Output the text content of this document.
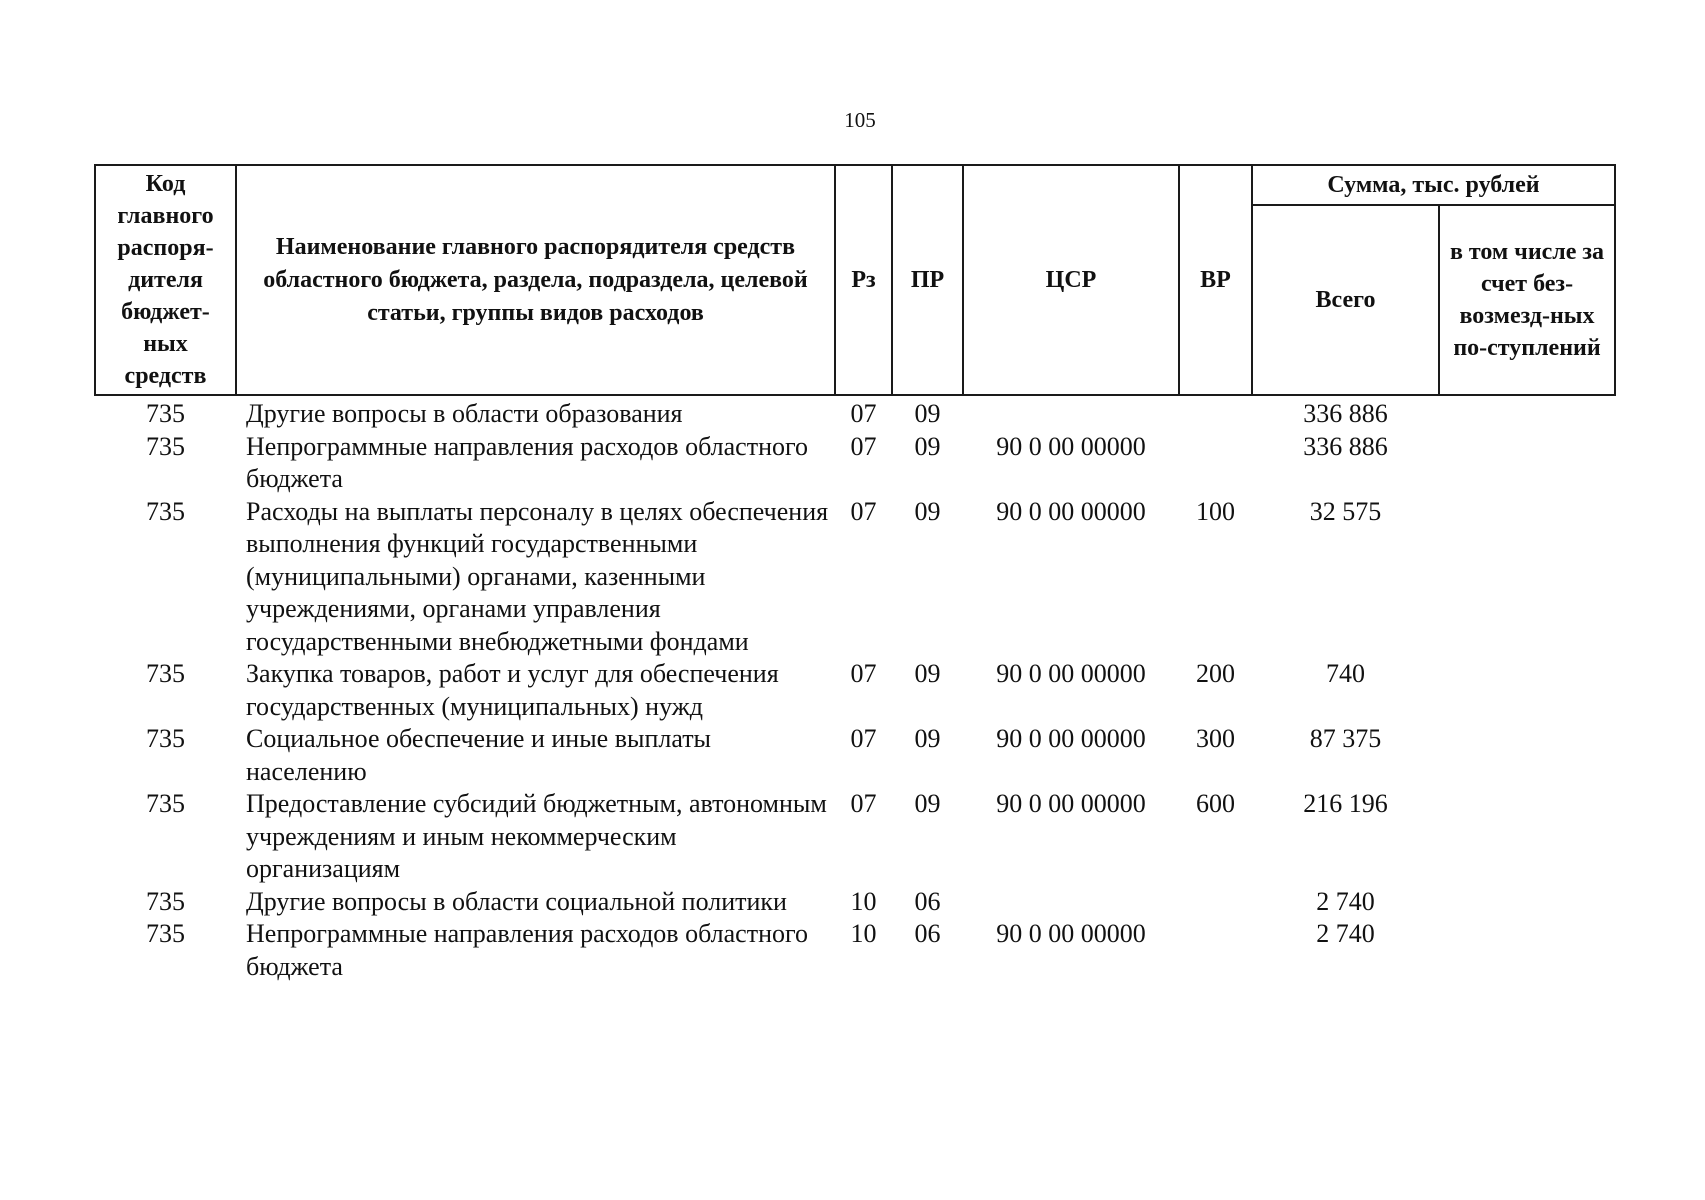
105
Код главного распоря-дителя бюджет-ных средств	Наименование главного распорядителя средств областного бюджета, раздела, подраздела, целевой статьи, группы видов расходов	Рз	ПР	ЦСР	ВР	Сумма, тыс. рублей	
						Всего	в том числе за счет без-возмезд-ных по-ступлений
735	Другие вопросы в области образования	07	09			336 886	
735	Непрограммные направления расходов областного бюджета	07	09	90 0 00 00000		336 886	
735	Расходы на выплаты персоналу в целях обеспечения выполнения функций государственными (муниципальными) органами, казенными учреждениями, органами управления государственными внебюджетными фондами	07	09	90 0 00 00000	100	32 575	
735	Закупка товаров, работ и услуг для обеспечения государственных (муниципальных) нужд	07	09	90 0 00 00000	200	740	
735	Социальное обеспечение и иные выплаты населению	07	09	90 0 00 00000	300	87 375	
735	Предоставление субсидий бюджетным, автономным учреждениям и иным некоммерческим организациям	07	09	90 0 00 00000	600	216 196	
735	Другие вопросы в области социальной политики	10	06			2 740	
735	Непрограммные направления расходов областного бюджета	10	06	90 0 00 00000		2 740	
